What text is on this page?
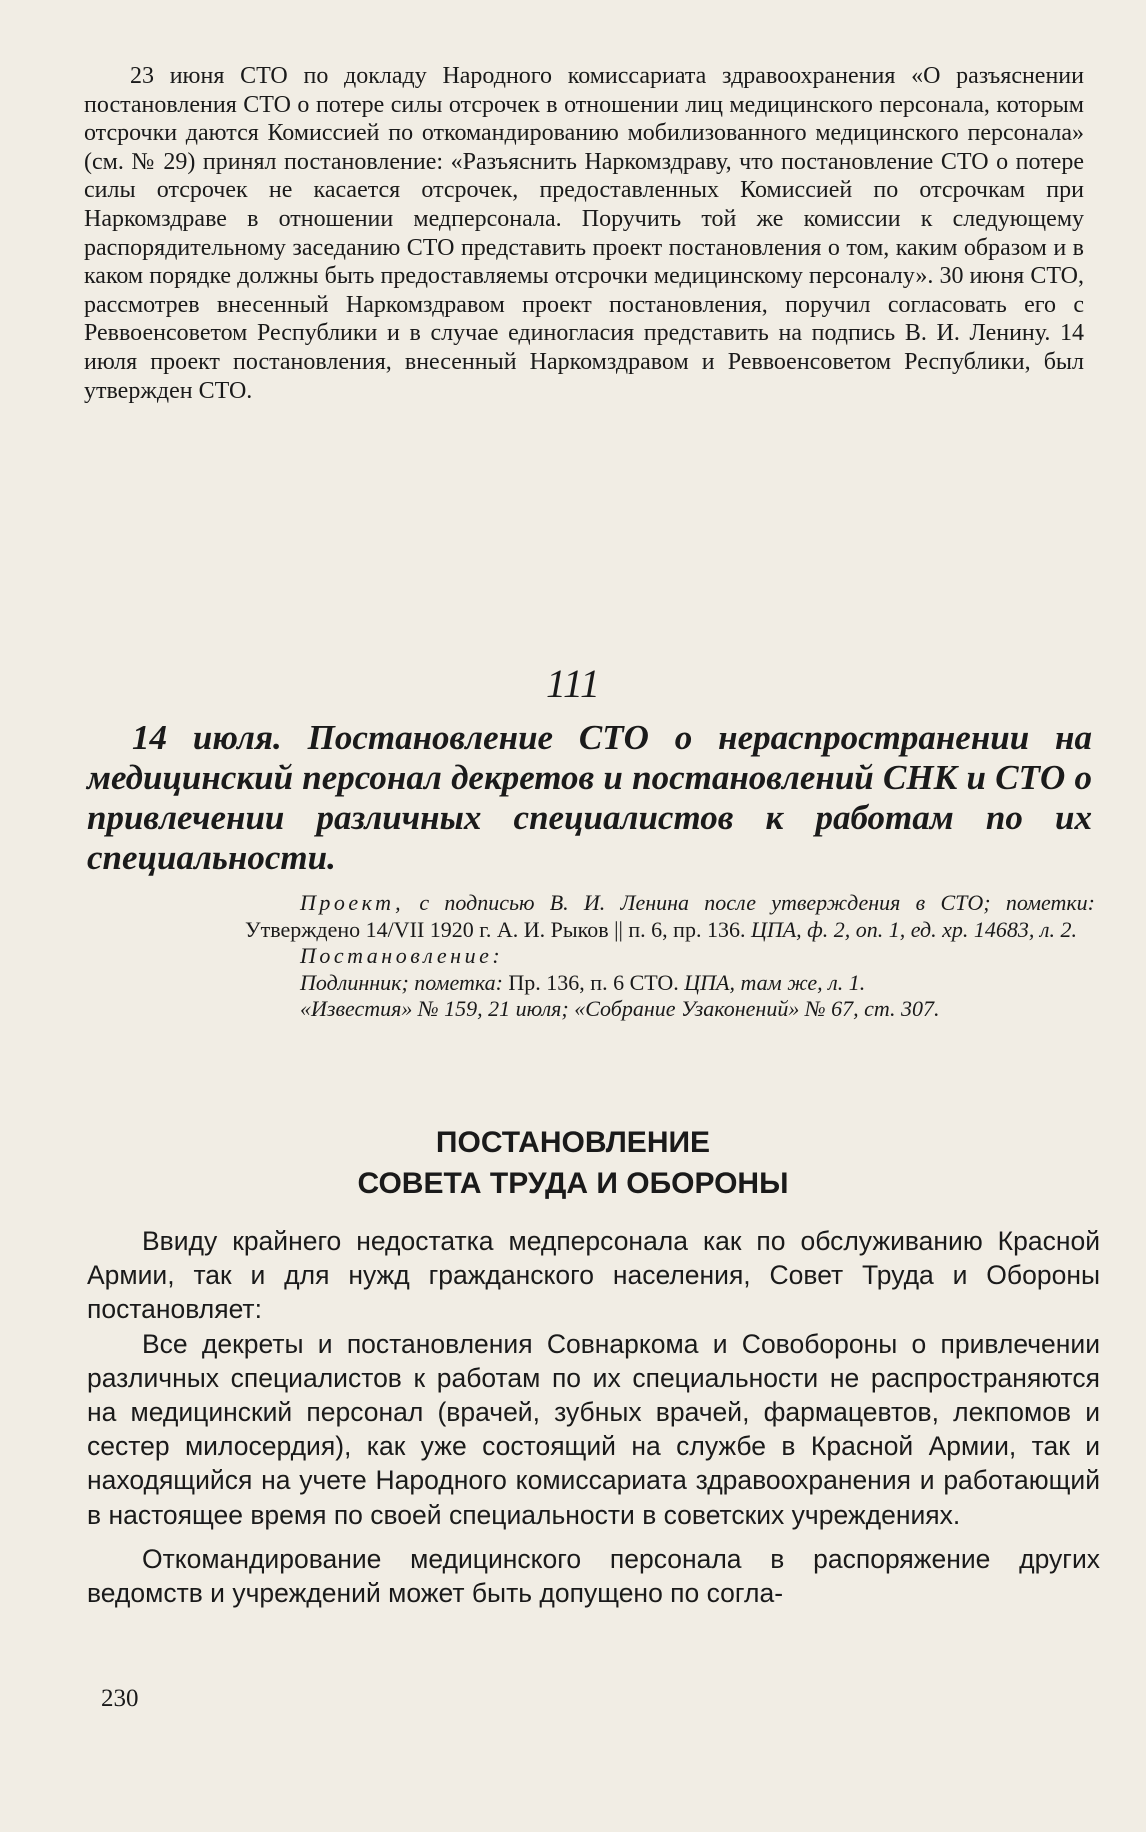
23 июня СТО по докладу Народного комиссариата здравоохранения «О разъяснении постановления СТО о потере силы отсрочек в отношении лиц медицинского персонала, которым отсрочки даются Комиссией по откомандированию мобилизованного медицинского персонала» (см. № 29) принял постановление: «Разъяснить Наркомздраву, что постановление СТО о потере силы отсрочек не касается отсрочек, предоставленных Комиссией по отсрочкам при Наркомздраве в отношении медперсонала. Поручить той же комиссии к следующему распорядительному заседанию СТО представить проект постановления о том, каким образом и в каком порядке должны быть предоставляемы отсрочки медицинскому персоналу». 30 июня СТО, рассмотрев внесенный Наркомздравом проект постановления, поручил согласовать его с Реввоенсоветом Республики и в случае единогласия представить на подпись В. И. Ленину. 14 июля проект постановления, внесенный Наркомздравом и Реввоенсоветом Республики, был утвержден СТО.

111

14 июля. Постановление СТО о нераспространении на медицинский персонал декретов и постановлений СНК и СТО о привлечении различных специалистов к работам по их специальности.

Проект, с подписью В. И. Ленина после утверждения в СТО; пометки: Утверждено 14/VII 1920 г. А. И. Рыков || п. 6, пр. 136. ЦПА, ф. 2, оп. 1, ед. хр. 14683, л. 2.

Постановление:

Подлинник; пометка: Пр. 136, п. 6 СТО. ЦПА, там же, л. 1.

«Известия» № 159, 21 июля; «Собрание Узаконений» № 67, ст. 307.

ПОСТАНОВЛЕНИЕ
СОВЕТА ТРУДА И ОБОРОНЫ

Ввиду крайнего недостатка медперсонала как по обслуживанию Красной Армии, так и для нужд гражданского населения, Совет Труда и Обороны постановляет:

Все декреты и постановления Совнаркома и Совобороны о привлечении различных специалистов к работам по их специальности не распространяются на медицинский персонал (врачей, зубных врачей, фармацевтов, лекпомов и сестер милосердия), как уже состоящий на службе в Красной Армии, так и находящийся на учете Народного комиссариата здравоохранения и работающий в настоящее время по своей специальности в советских учреждениях.

Откомандирование медицинского персонала в распоряжение других ведомств и учреждений может быть допущено по согла-

230
